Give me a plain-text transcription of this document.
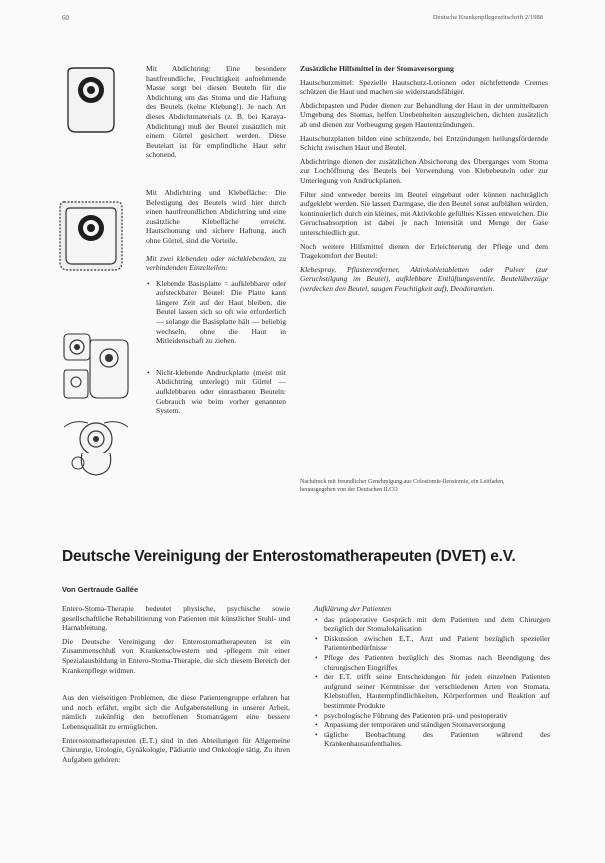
60	Deutsche Krankenpflegezeitschrift 2/1988

Mit Abdichtring: Eine besondere hautfreundliche, Feuchtigkeit aufnehmende Masse sorgt bei diesen Beuteln für die Abdichtung um das Stoma und die Haftung des Beutels (keine Klebung!). Je nach Art dieses Abdichtmaterials (z. B. bei Karaya-Abdichtung) muß der Beutel zusätzlich mit einem Gürtel gesichert werden. Diese Beutelart ist für empfindliche Haut sehr schonend.

Mit Abdichtring und Klebefläche: Die Befestigung des Beutels wird hier durch einen hautfreundlichen Abdichtring und eine zusätzliche Klebefläche erreicht. Hautschonung und sichere Haftung, auch ohne Gürtel, sind die Vorteile.

Mit zwei klebenden oder nichtklebenden, zu verbindenden Einzelteilen:

• Klebende Basisplatte = aufklebbarer oder aufsteckbarer Beutel: Die Platte kann längere Zeit auf der Haut bleiben, die Beutel lassen sich so oft wie erforderlich — solange die Basisplatte hält — beliebig wechseln, ohne die Haut in Mitleidenschaft zu ziehen.
• Nicht-klebende Andruckplatte (meist mit Abdichtring unterlegt) mit Gürtel — aufklebbaren oder einrastbaren Beuteln: Gebrauch wie beim vorher genannten System.

Zusätzliche Hilfsmittel in der Stomaversorgung

Hautschutzmittel: Spezielle Hautschutz-Lotionen oder nichtfettende Cremes schützen die Haut und machen sie widerstandsfähiger.

Abdichtpasten und Puder dienen zur Behandlung der Haut in der unmittelbaren Umgebung des Stomas, helfen Unebenheiten auszugleichen, dichten zusätzlich ab und dienen zur Vorbeugung gegen Hautentzündungen.

Hautschutzplatten bilden eine schützende, bei Entzündungen heilungsfördernde Schicht zwischen Haut und Beutel.

Abdichtringe dienen der zusätzlichen Absicherung des Überganges vom Stoma zur Lochöffnung des Beutels bei Verwendung von Klebebeuteln oder zur Unterlegung von Andruckplatten.

Filter sind entweder bereits im Beutel eingebaut oder können nachträglich aufgeklebt werden. Sie lassen Darmgase, die den Beutel sonst aufblähen würden, kontinuierlich durch ein kleines, mit Aktivkohle gefülltes Kissen entweichen. Die Geruchsabsorption ist dabei je nach Intensität und Menge der Gase unterschiedlich gut.

Noch weitere Hilfsmittel dienen der Erleichterung der Pflege und dem Tragekomfort der Beutel:

Klebespray, Pflasterentferner, Aktivkohletabletten oder Pulver (zur Geruchstilgung im Beutel), aufklebbare Entlüftungsventile, Beutelüberzüge (verdecken den Beutel, saugen Feuchtigkeit auf), Deodorantien.

Nachdruck mit freundlicher Genehmigung aus Colostomie-Ileostomie, ein Leitfaden, herausgegeben von der Deutschen ILCO
Deutsche Vereinigung der Enterostomatherapeuten (DVET) e.V.
Von Gertraude Gallée

Entero-Stoma-Therapie bedeutet physische, psychische sowie gesellschaftliche Rehabilitierung von Patienten mit künstlicher Stuhl- und Harnableitung.

Die Deutsche Vereinigung der Enterostomatherapeuten ist ein Zusammenschluß von Krankenschwestern und -pflegern mit einer Spezialausbildung in Entero-Stoma-Therapie, die sich diesem Bereich der Krankenpflege widmen.

Aus den vielseitigen Problemen, die diese Patientengruppe erfahren hat und noch erfährt, ergibt sich die Aufgabenstellung in unserer Arbeit, nämlich zukünftig den betroffenen Stomaträgern eine bessere Lebensqualität zu ermöglichen.

Enterostomatherapeuten (E.T.) sind in den Abteilungen für Allgemeine Chirurgie, Urologie, Gynäkologie, Pädiatrie und Onkologie tätig. Zu ihren Aufgaben gehören:

Aufklärung der Patienten

• das präoperative Gespräch mit dem Patienten und dem Chirurgen bezüglich der Stomalokalisation
• Diskussion zwischen E.T., Arzt und Patient bezüglich spezieller Patientenbedürfnisse
• Pflege des Patienten bezüglich des Stomas nach Beendigung des chirurgischen Eingriffes
• der E.T. trifft seine Entscheidungen für jeden einzelnen Patienten aufgrund seiner Kenntnisse der verschiedenen Arten von Stomata, Klebstoffen, Hautempfindlichkeiten, Körperformen und Reaktion auf bestimmte Produkte
• psychologische Führung des Patienten prä- und postoperativ
• Anpassung der temporären und ständigen Stomaversorgung
• tägliche Beobachtung des Patienten während des Krankenhausaufenthaltes.
